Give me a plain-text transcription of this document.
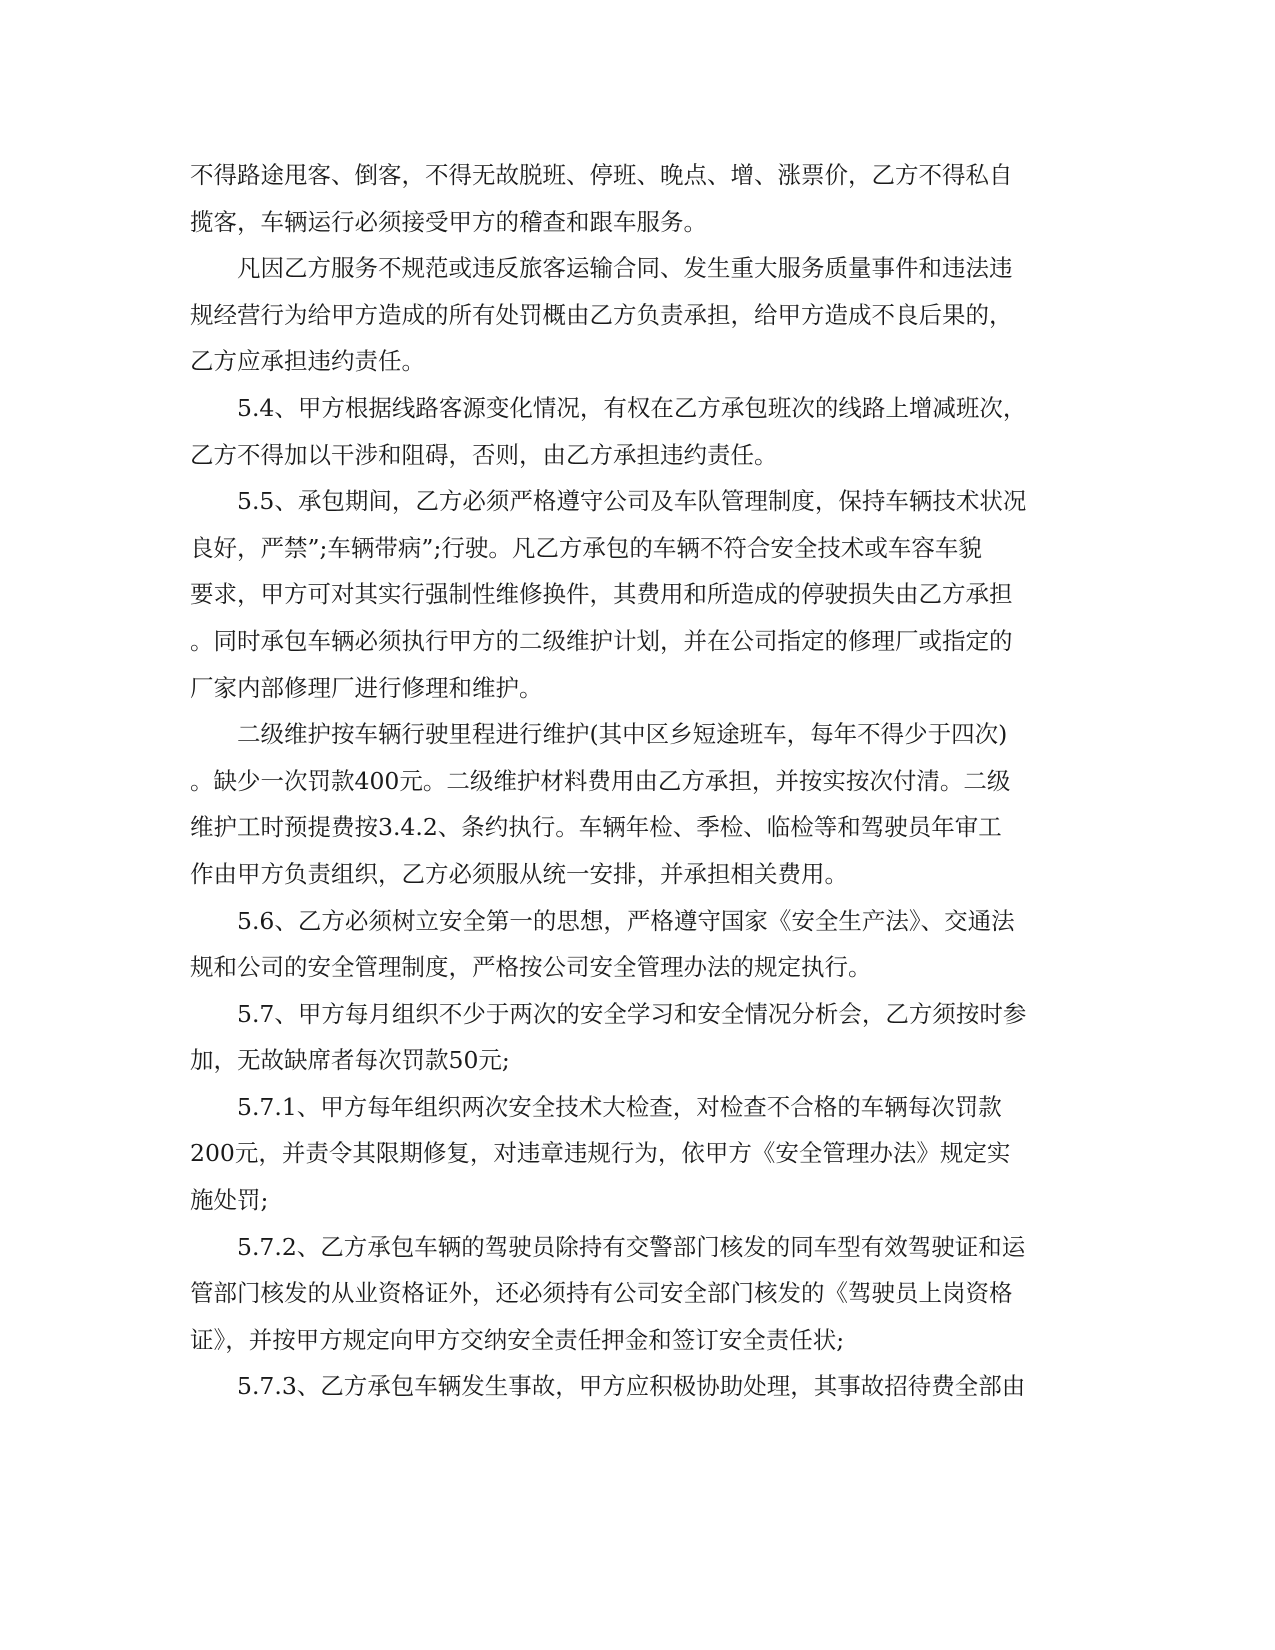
不得路途甩客、倒客，不得无故脱班、停班、晚点、增、涨票价，乙方不得私自
揽客，车辆运行必须接受甲方的稽查和跟车服务。
凡因乙方服务不规范或违反旅客运输合同、发生重大服务质量事件和违法违
规经营行为给甲方造成的所有处罚概由乙方负责承担，给甲方造成不良后果的，
乙方应承担违约责任。
5.4、甲方根据线路客源变化情况，有权在乙方承包班次的线路上增减班次，
乙方不得加以干涉和阻碍，否则，由乙方承担违约责任。
5.5、承包期间，乙方必须严格遵守公司及车队管理制度，保持车辆技术状况
良好，严禁”;车辆带病”;行驶。凡乙方承包的车辆不符合安全技术或车容车貌
要求，甲方可对其实行强制性维修换件，其费用和所造成的停驶损失由乙方承担
。同时承包车辆必须执行甲方的二级维护计划，并在公司指定的修理厂或指定的
厂家内部修理厂进行修理和维护。
二级维护按车辆行驶里程进行维护(其中区乡短途班车，每年不得少于四次)
。缺少一次罚款400元。二级维护材料费用由乙方承担，并按实按次付清。二级
维护工时预提费按3.4.2、条约执行。车辆年检、季检、临检等和驾驶员年审工
作由甲方负责组织，乙方必须服从统一安排，并承担相关费用。
5.6、乙方必须树立安全第一的思想，严格遵守国家《安全生产法》、交通法
规和公司的安全管理制度，严格按公司安全管理办法的规定执行。
5.7、甲方每月组织不少于两次的安全学习和安全情况分析会，乙方须按时参
加，无故缺席者每次罚款50元;
5.7.1、甲方每年组织两次安全技术大检查，对检查不合格的车辆每次罚款
200元，并责令其限期修复，对违章违规行为，依甲方《安全管理办法》规定实
施处罚;
5.7.2、乙方承包车辆的驾驶员除持有交警部门核发的同车型有效驾驶证和运
管部门核发的从业资格证外，还必须持有公司安全部门核发的《驾驶员上岗资格
证》，并按甲方规定向甲方交纳安全责任押金和签订安全责任状;
5.7.3、乙方承包车辆发生事故，甲方应积极协助处理，其事故招待费全部由
